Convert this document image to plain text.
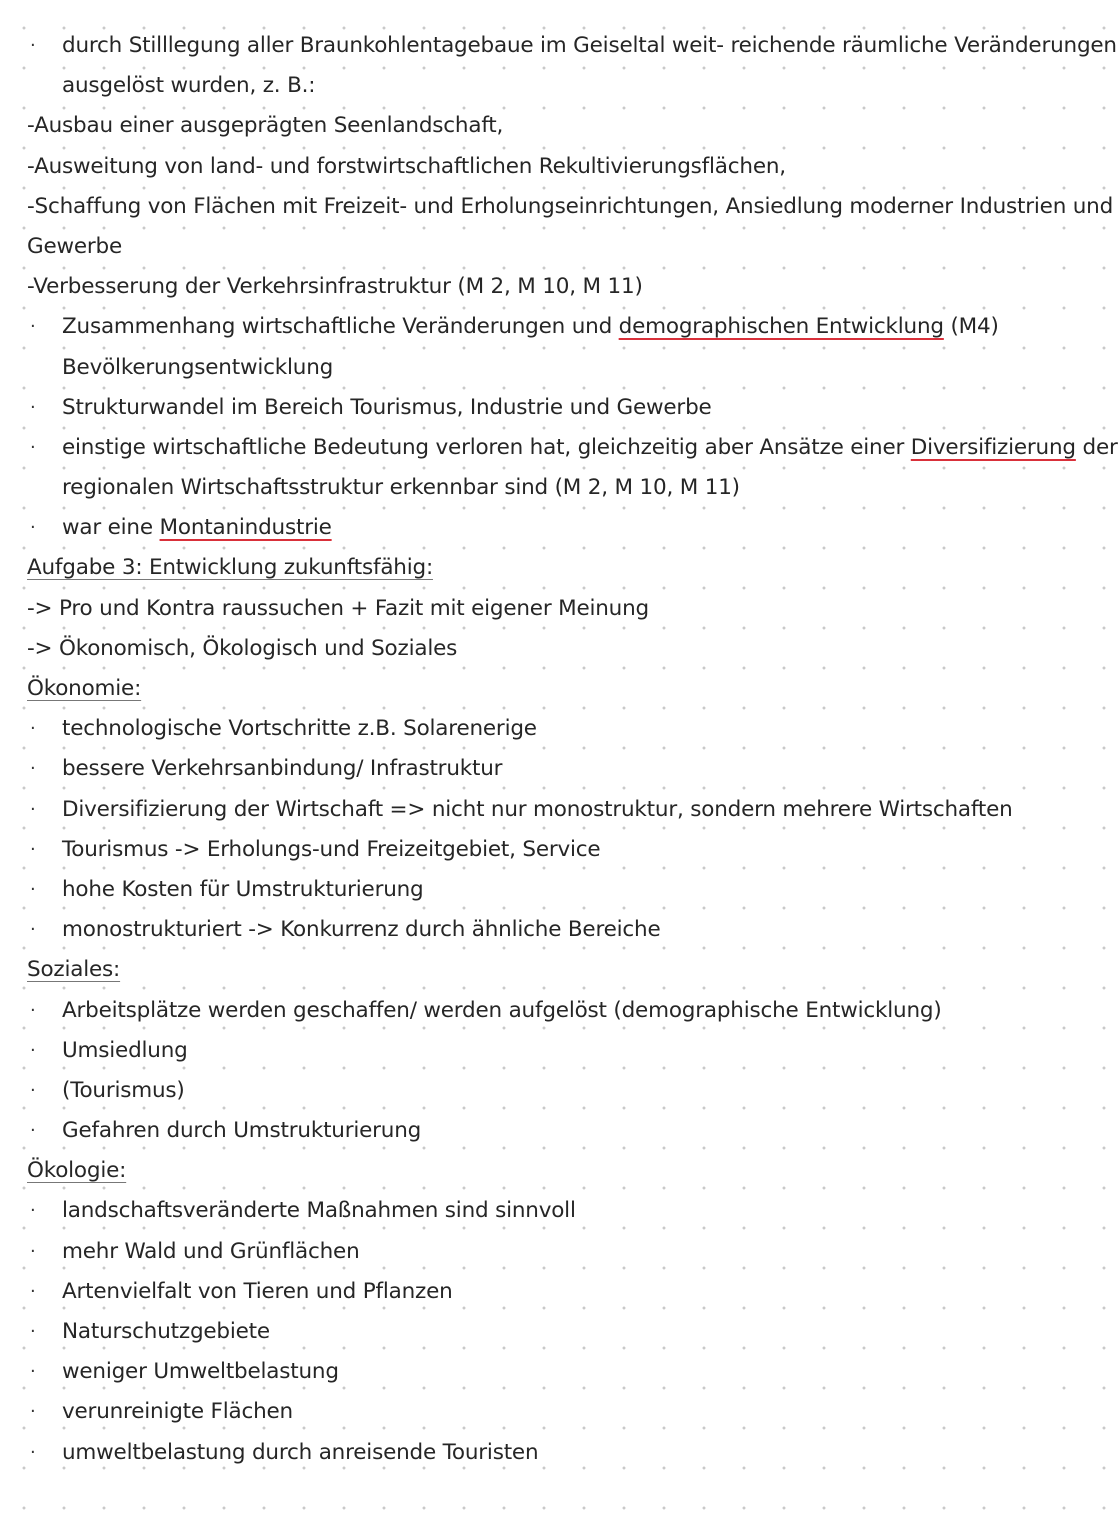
· durch Stilllegung aller Braunkohlentagebaue im Geiseltal weit- reichende räumliche Veränderungen
ausgelöst wurden, z. B.:
-Ausbau einer ausgeprägten Seenlandschaft,
-Ausweitung von land- und forstwirtschaftlichen Rekultivierungsflächen,
-Schaffung von Flächen mit Freizeit- und Erholungseinrichtungen, Ansiedlung moderner Industrien und
Gewerbe
-Verbesserung der Verkehrsinfrastruktur (M 2, M 10, M 11)
· Zusammenhang wirtschaftliche Veränderungen und demographischen Entwicklung (M4)
Bevölkerungsentwicklung
· Strukturwandel im Bereich Tourismus, Industrie und Gewerbe
· einstige wirtschaftliche Bedeutung verloren hat, gleichzeitig aber Ansätze einer Diversifizierung der
regionalen Wirtschaftsstruktur erkennbar sind (M 2, M 10, M 11)
· war eine Montanindustrie
Aufgabe 3: Entwicklung zukunftsfähig:
-> Pro und Kontra raussuchen + Fazit mit eigener Meinung
-> Ökonomisch, Ökologisch und Soziales
Ökonomie:
· technologische Vortschritte z.B. Solarenerige
· bessere Verkehrsanbindung/ Infrastruktur
· Diversifizierung der Wirtschaft => nicht nur monostruktur, sondern mehrere Wirtschaften
· Tourismus -> Erholungs-und Freizeitgebiet, Service
· hohe Kosten für Umstrukturierung
· monostrukturiert -> Konkurrenz durch ähnliche Bereiche
Soziales:
· Arbeitsplätze werden geschaffen/ werden aufgelöst (demographische Entwicklung)
· Umsiedlung
· (Tourismus)
· Gefahren durch Umstrukturierung
Ökologie:
· landschaftsveränderte Maßnahmen sind sinnvoll
· mehr Wald und Grünflächen
· Artenvielfalt von Tieren und Pflanzen
· Naturschutzgebiete
· weniger Umweltbelastung
· verunreinigte Flächen
· umweltbelastung durch anreisende Touristen
